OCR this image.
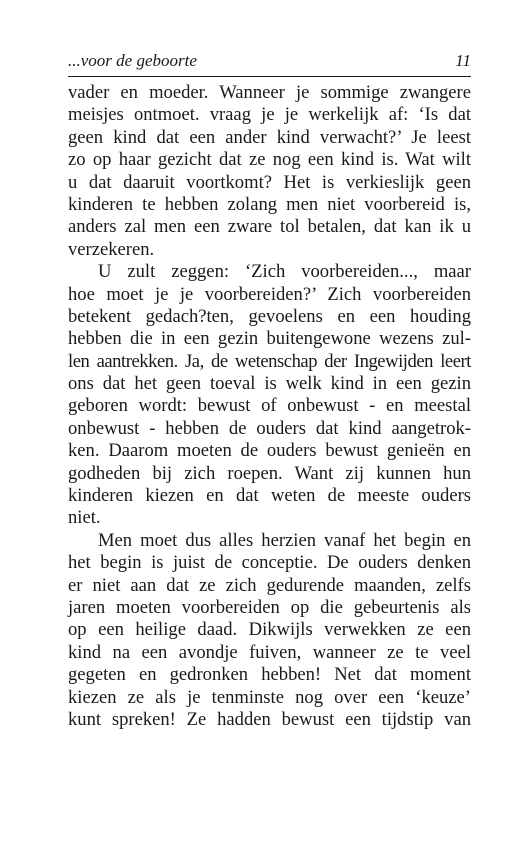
...voor de geboorte	11
vader en moeder. Wanneer je sommige zwangere
meisjes ontmoet. vraag je je werkelijk af: ‘Is dat
geen kind dat een ander kind verwacht?’ Je leest
zo op haar gezicht dat ze nog een kind is. Wat wilt
u dat daaruit voortkomt? Het is verkieslijk geen
kinderen te hebben zolang men niet voorbereid is,
anders zal men een zware tol betalen, dat kan ik u
verzekeren.
U zult zeggen: ‘Zich voorbereiden..., maar
hoe moet je je voorbereiden?’ Zich voorbereiden
betekent gedach?ten, gevoelens en een houding
hebben die in een gezin buitengewone wezens zul-
len aantrekken. Ja, de wetenschap der Ingewijden leert
ons dat het geen toeval is welk kind in een gezin
geboren wordt: bewust of onbewust - en meestal
onbewust - hebben de ouders dat kind aangetrok-
ken. Daarom moeten de ouders bewust genieën en
godheden bij zich roepen. Want zij kunnen hun
kinderen kiezen en dat weten de meeste ouders
niet.
Men moet dus alles herzien vanaf het begin en
het begin is juist de conceptie. De ouders denken
er niet aan dat ze zich gedurende maanden, zelfs
jaren moeten voorbereiden op die gebeurtenis als
op een heilige daad. Dikwijls verwekken ze een
kind na een avondje fuiven, wanneer ze te veel
gegeten en gedronken hebben! Net dat moment
kiezen ze als je tenminste nog over een ‘keuze’
kunt spreken! Ze hadden bewust een tijdstip van
